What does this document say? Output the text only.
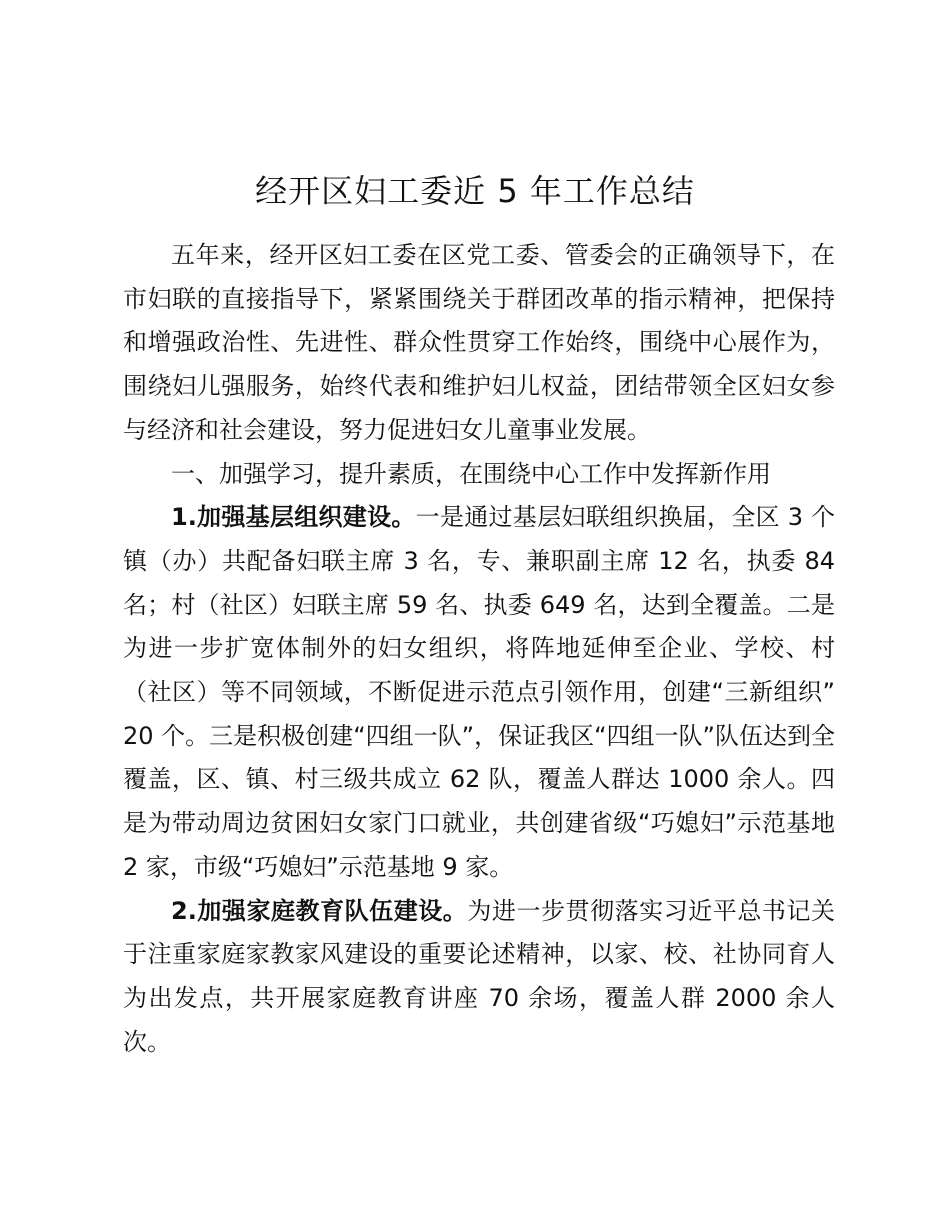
经开区妇工委近 5 年工作总结

五年来，经开区妇工委在区党工委、管委会的正确领导下，在市妇联的直接指导下，紧紧围绕关于群团改革的指示精神，把保持和增强政治性、先进性、群众性贯穿工作始终，围绕中心展作为，围绕妇儿强服务，始终代表和维护妇儿权益，团结带领全区妇女参与经济和社会建设，努力促进妇女儿童事业发展。

一、加强学习，提升素质，在围绕中心工作中发挥新作用

1.加强基层组织建设。一是通过基层妇联组织换届，全区 3 个镇（办）共配备妇联主席 3 名，专、兼职副主席 12 名，执委 84 名；村（社区）妇联主席 59 名、执委 649 名，达到全覆盖。二是为进一步扩宽体制外的妇女组织，将阵地延伸至企业、学校、村（社区）等不同领域，不断促进示范点引领作用，创建“三新组织” 20 个。三是积极创建“四组一队”，保证我区“四组一队”队伍达到全覆盖，区、镇、村三级共成立 62 队，覆盖人群达 1000 余人。四是为带动周边贫困妇女家门口就业，共创建省级“巧媳妇”示范基地 2 家，市级“巧媳妇”示范基地 9 家。

2.加强家庭教育队伍建设。为进一步贯彻落实习近平总书记关于注重家庭家教家风建设的重要论述精神，以家、校、社协同育人为出发点，共开展家庭教育讲座 70 余场，覆盖人群 2000 余人次。
